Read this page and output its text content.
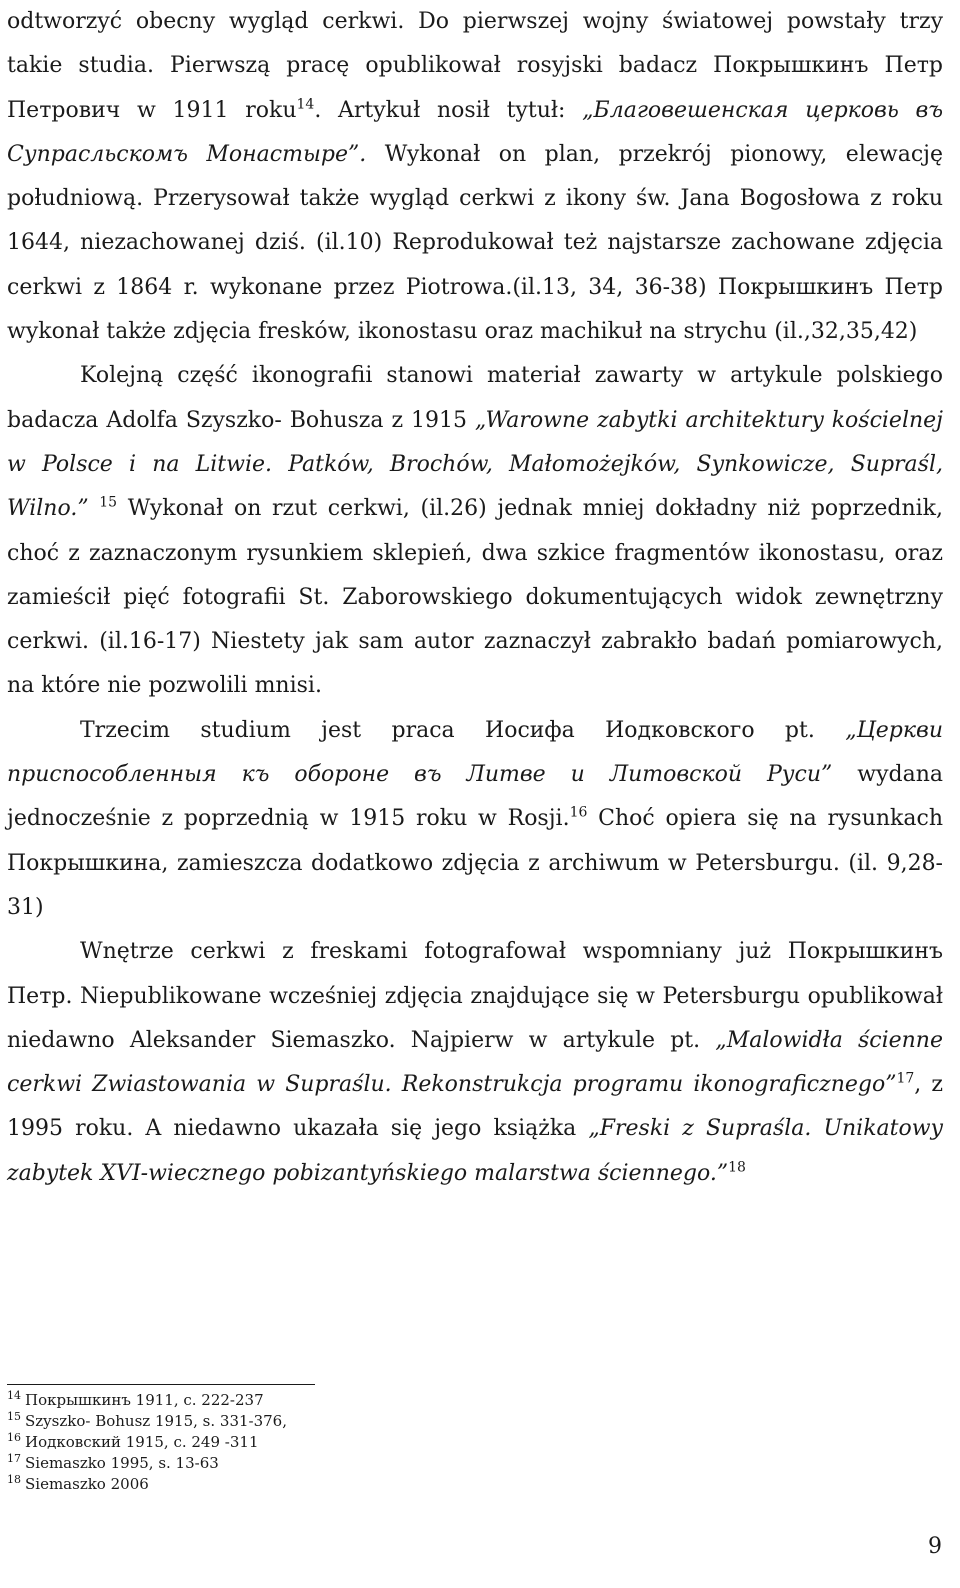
odtworzyć obecny wygląd cerkwi. Do pierwszej wojny światowej powstały trzy takie studia. Pierwszą pracę opublikował rosyjski badacz Покрышкинъ Петр Петрович w 1911 roku$^{14}$. Artykuł nosił tytuł: „Благовешенская церковь въ Супрасльскомъ Монастыре”. Wykonał on plan, przekrój pionowy, elewację południową. Przerysował także wygląd cerkwi z ikony św. Jana Bogosłowa z roku 1644, niezachowanej dziś. (il.10) Reprodukował też najstarsze zachowane zdjęcia cerkwi z 1864 r. wykonane przez Piotrowa.(il.13, 34, 36-38) Покрышкинъ Петр wykonał także zdjęcia fresków, ikonostasu oraz machikuł na strychu (il.,32,35,42)

Kolejną część ikonografii stanowi materiał zawarty w artykule polskiego badacza Adolfa Szyszko- Bohusza z 1915 „Warowne zabytki architektury kościelnej w Polsce i na Litwie. Patków, Brochów, Małomożejków, Synkowicze, Supraśl, Wilno.” $^{15}$ Wykonał on rzut cerkwi, (il.26) jednak mniej dokładny niż poprzednik, choć z zaznaczonym rysunkiem sklepień, dwa szkice fragmentów ikonostasu, oraz zamieścił pięć fotografii St. Zaborowskiego dokumentujących widok zewnętrzny cerkwi. (il.16-17) Niestety jak sam autor zaznaczył zabrakło badań pomiarowych, na które nie pozwolili mnisi.

Trzecim studium jest praca Иосифа Иодковского pt. „Церкви приспособленныя къ обороне въ Литве и Литовской Руси” wydana jednocześnie z poprzednią w 1915 roku w Rosji.$^{16}$ Choć opiera się na rysunkach Покрышкина, zamieszcza dodatkowo zdjęcia z archiwum w Petersburgu. (il. 9,28-31)

Wnętrze cerkwi z freskami fotografował wspomniany już Покрышкинъ Петр. Niepublikowane wcześniej zdjęcia znajdujące się w Petersburgu opublikował niedawno Aleksander Siemaszko. Najpierw w artykule pt. „Malowidła ścienne cerkwi Zwiastowania w Supraślu. Rekonstrukcja programu ikonograficznego”$^{17}$, z 1995 roku. A niedawno ukazała się jego książka „Freski z Supraśla. Unikatowy zabytek XVI-wiecznego pobizantyńskiego malarstwa ściennego.”$^{18}$

$^{14}$ Покрышкинъ 1911, с. 222-237
$^{15}$ Szyszko- Bohusz 1915, s. 331-376,
$^{16}$ Иодковский 1915, с. 249 -311
$^{17}$ Siemaszko 1995, s. 13-63
$^{18}$ Siemaszko 2006
9
